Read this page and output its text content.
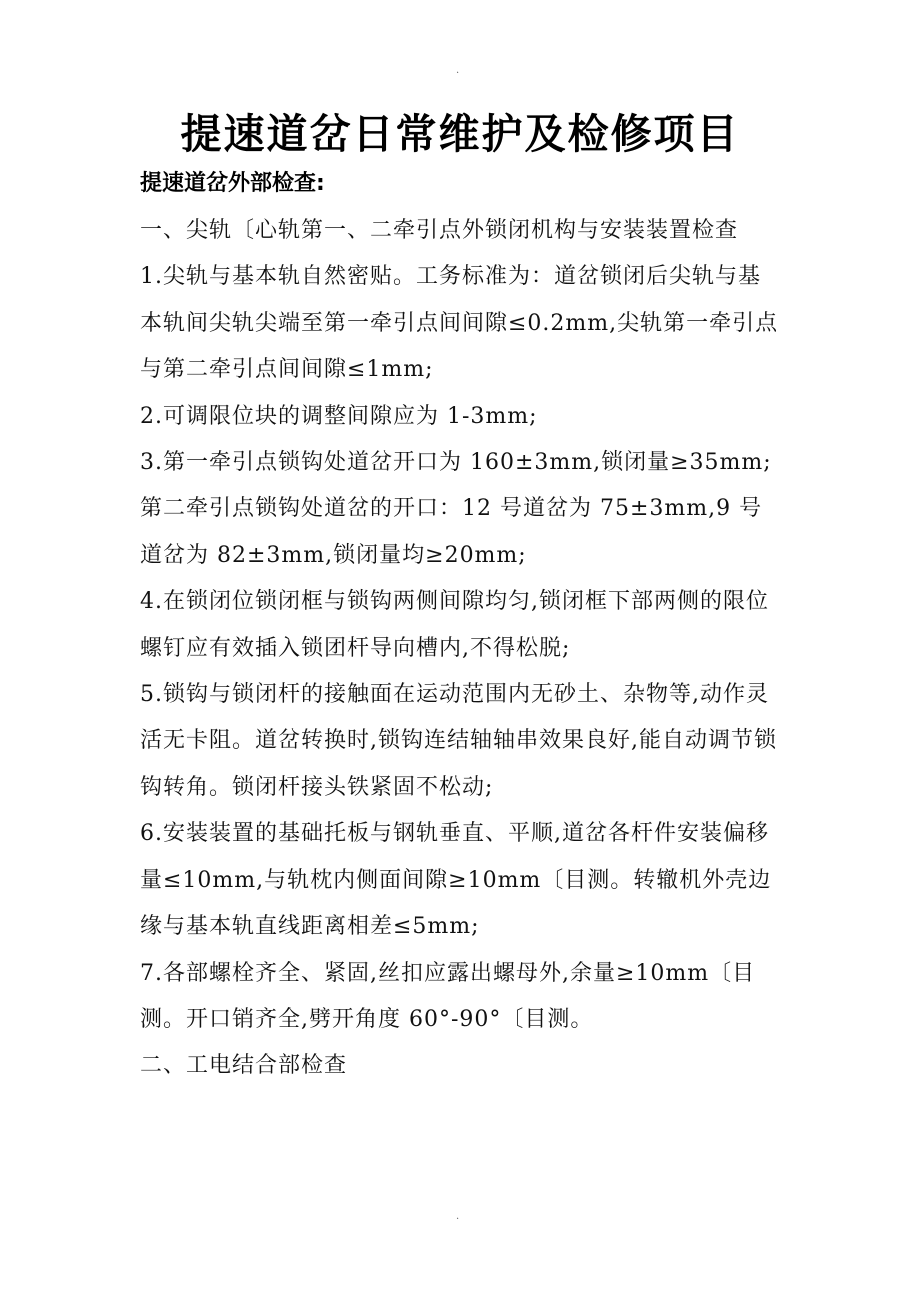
.
提速道岔日常维护及检修项目
提速道岔外部检查:

一、尖轨〔心轨第一、二牵引点外锁闭机构与安装装置检查

1.尖轨与基本轨自然密贴。工务标准为：道岔锁闭后尖轨与基本轨间尖轨尖端至第一牵引点间间隙≤0.2mm,尖轨第一牵引点与第二牵引点间间隙≤1mm;

2.可调限位块的调整间隙应为 1-3mm;

3.第一牵引点锁钩处道岔开口为 160±3mm,锁闭量≥35mm; 第二牵引点锁钩处道岔的开口：12 号道岔为 75±3mm,9 号道岔为 82±3mm,锁闭量均≥20mm;

4.在锁闭位锁闭框与锁钩两侧间隙均匀,锁闭框下部两侧的限位螺钉应有效插入锁团杆导向槽内,不得松脱;

5.锁钩与锁闭杆的接触面在运动范围内无砂土、杂物等,动作灵活无卡阻。道岔转换时,锁钩连结轴轴串效果良好,能自动调节锁钩转角。锁闭杆接头铁紧固不松动;

6.安装装置的基础托板与钢轨垂直、平顺,道岔各杆件安装偏移量≤10mm,与轨枕内侧面间隙≥10mm〔目测。转辙机外壳边缘与基本轨直线距离相差≤5mm;

7.各部螺栓齐全、紧固,丝扣应露出螺母外,余量≥10mm〔目测。开口销齐全,劈开角度 60°-90°〔目测。

二、工电结合部检查

.
